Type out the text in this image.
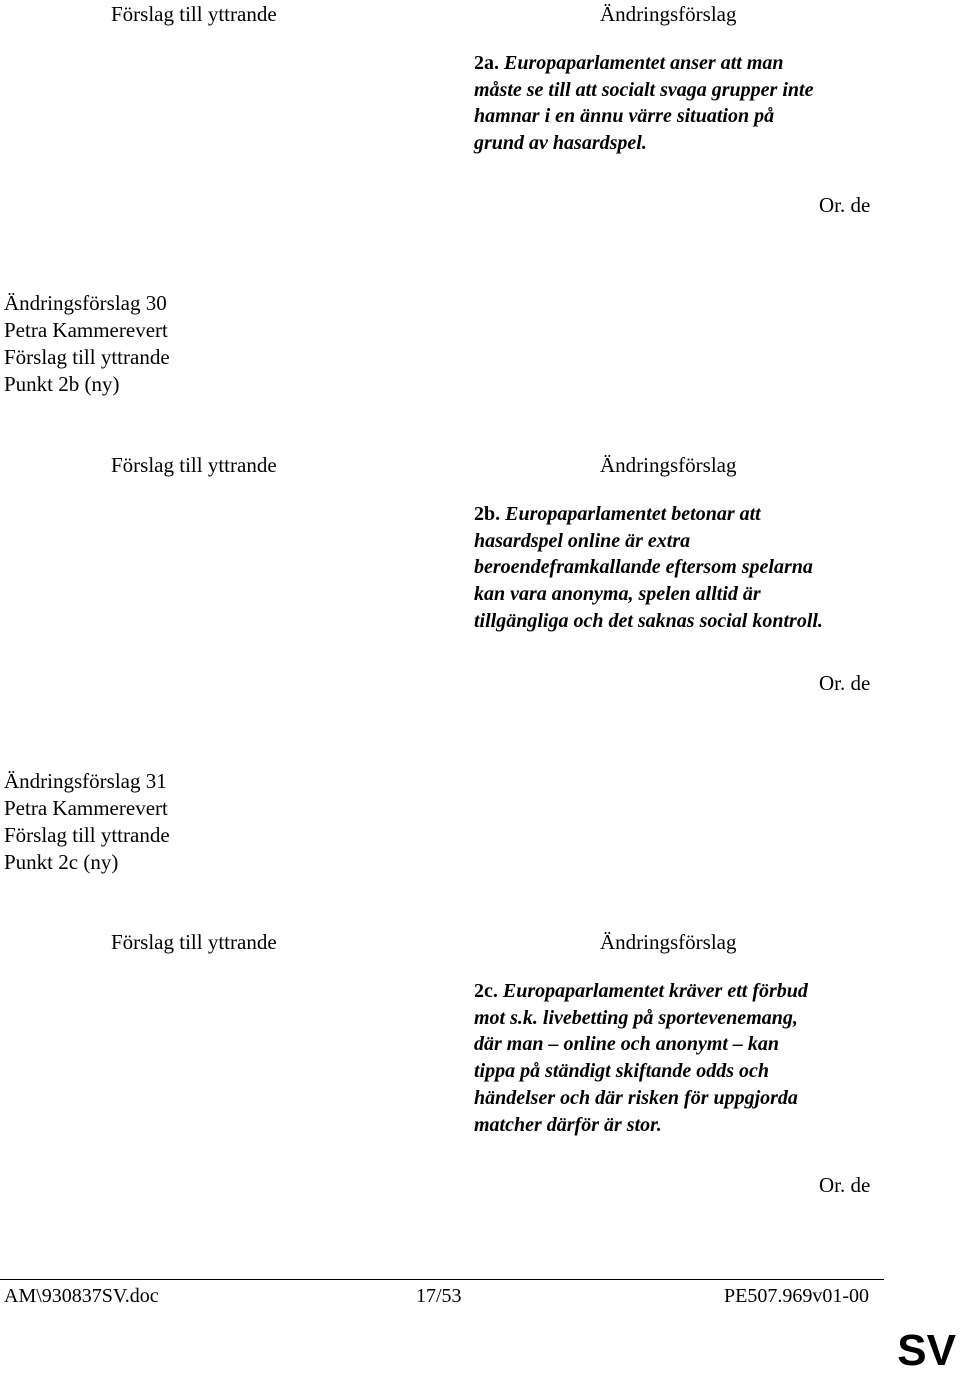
Förslag till yttrande	Ändringsförslag
2a. Europaparlamentet anser att man
måste se till att socialt svaga grupper inte
hamnar i en ännu värre situation på
grund av hasardspel.
Or. de
Ändringsförslag 30
Petra Kammerevert
Förslag till yttrande
Punkt 2b (ny)
Förslag till yttrande	Ändringsförslag
2b. Europaparlamentet betonar att
hasardspel online är extra
beroendeframkallande eftersom spelarna
kan vara anonyma, spelen alltid är
tillgängliga och det saknas social kontroll.
Or. de
Ändringsförslag 31
Petra Kammerevert
Förslag till yttrande
Punkt 2c (ny)
Förslag till yttrande	Ändringsförslag
2c. Europaparlamentet kräver ett förbud
mot s.k. livebetting på sportevenemang,
där man – online och anonymt – kan
tippa på ständigt skiftande odds och
händelser och där risken för uppgjorda
matcher därför är stor.
Or. de
AM\930837SV.doc	17/53	PE507.969v01-00
SV
